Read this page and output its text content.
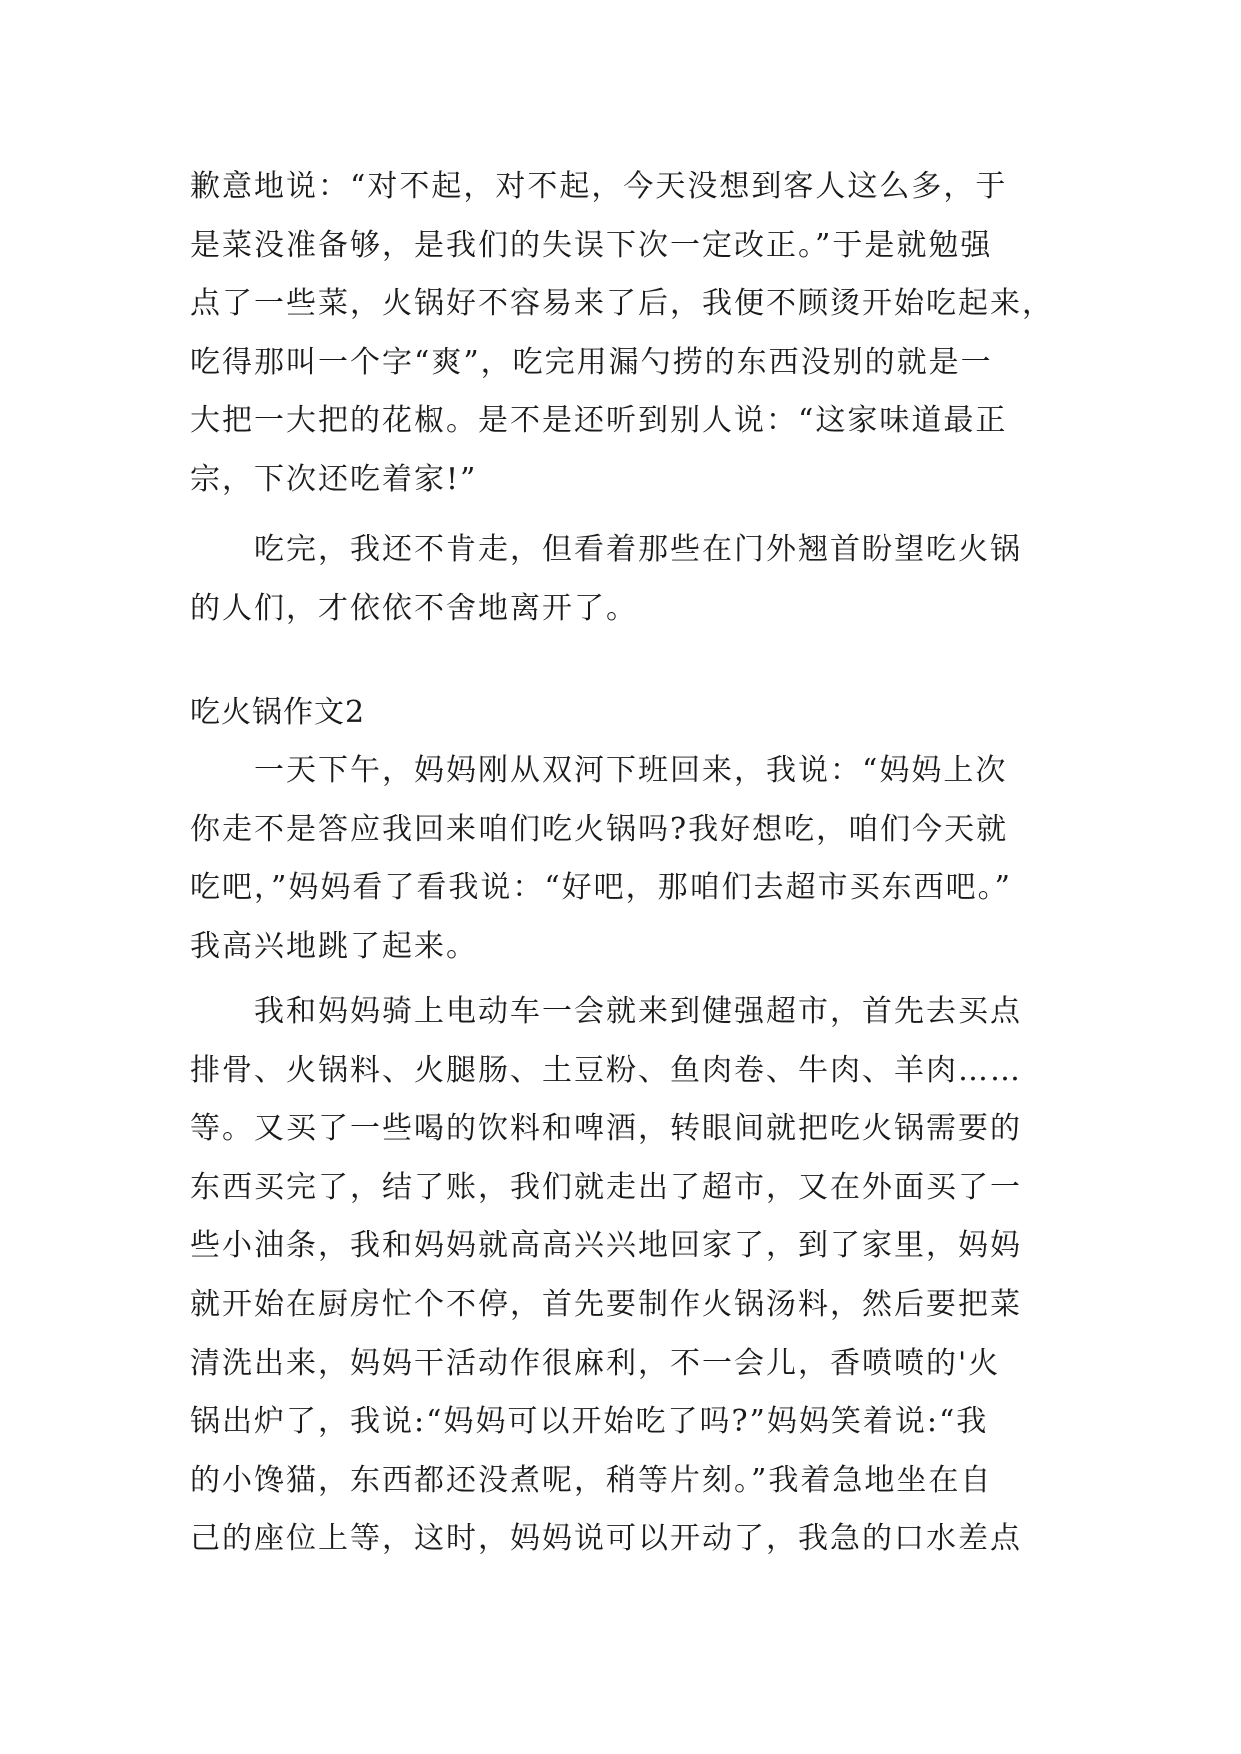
歉意地说：“对不起，对不起，今天没想到客人这么多，于
是菜没准备够，是我们的失误下次一定改正。”于是就勉强
点了一些菜，火锅好不容易来了后，我便不顾烫开始吃起来，
吃得那叫一个字“爽”，吃完用漏勺捞的东西没别的就是一
大把一大把的花椒。是不是还听到别人说：“这家味道最正
宗，下次还吃着家!”
　　吃完，我还不肯走，但看着那些在门外翘首盼望吃火锅
的人们，才依依不舍地离开了。
吃火锅作文2
　　一天下午，妈妈刚从双河下班回来，我说：“妈妈上次
你走不是答应我回来咱们吃火锅吗?我好想吃，咱们今天就
吃吧，”妈妈看了看我说：“好吧，那咱们去超市买东西吧。”
我高兴地跳了起来。
　　我和妈妈骑上电动车一会就来到健强超市，首先去买点
排骨、火锅料、火腿肠、土豆粉、鱼肉卷、牛肉、羊肉……
等。又买了一些喝的饮料和啤酒，转眼间就把吃火锅需要的
东西买完了，结了账，我们就走出了超市，又在外面买了一
些小油条，我和妈妈就高高兴兴地回家了，到了家里，妈妈
就开始在厨房忙个不停，首先要制作火锅汤料，然后要把菜
清洗出来，妈妈干活动作很麻利，不一会儿，香喷喷的'火
锅出炉了，我说:“妈妈可以开始吃了吗?”妈妈笑着说:“我
的小馋猫，东西都还没煮呢，稍等片刻。”我着急地坐在自
己的座位上等，这时，妈妈说可以开动了，我急的口水差点
